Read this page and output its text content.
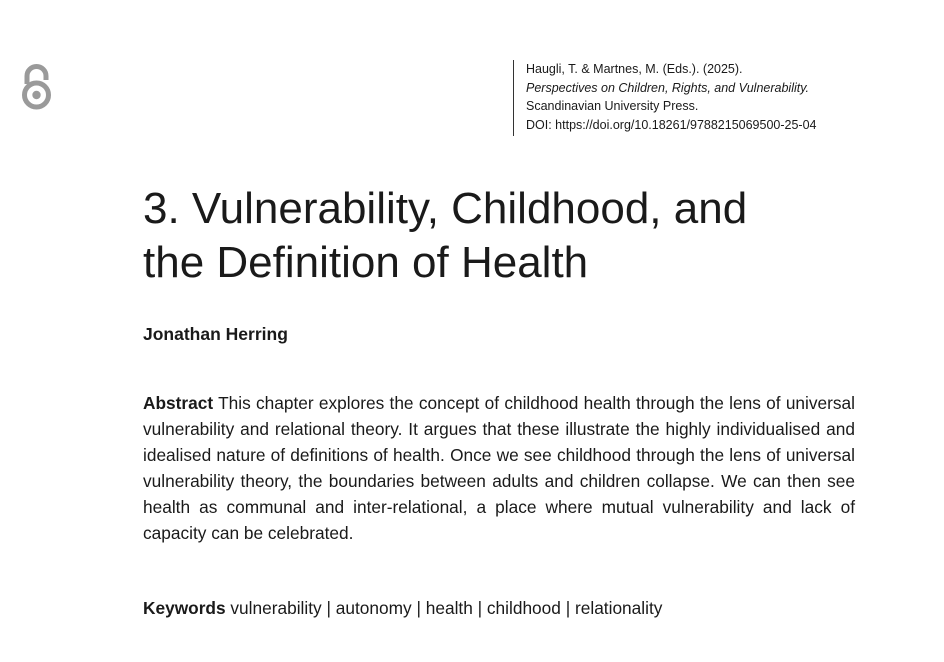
Haugli, T. & Martnes, M. (Eds.). (2025).
Perspectives on Children, Rights, and Vulnerability.
Scandinavian University Press.
DOI: https://doi.org/10.18261/9788215069500-25-04
3. Vulnerability, Childhood, and
the Definition of Health
Jonathan Herring
Abstract This chapter explores the concept of childhood health through the lens of universal vulnerability and relational theory. It argues that these illustrate the highly individualised and idealised nature of definitions of health. Once we see childhood through the lens of universal vulnerability theory, the boundaries between adults and children collapse. We can then see health as communal and inter-relational, a place where mutual vulnerability and lack of capacity can be celebrated.
Keywords vulnerability | autonomy | health | childhood | relationality
